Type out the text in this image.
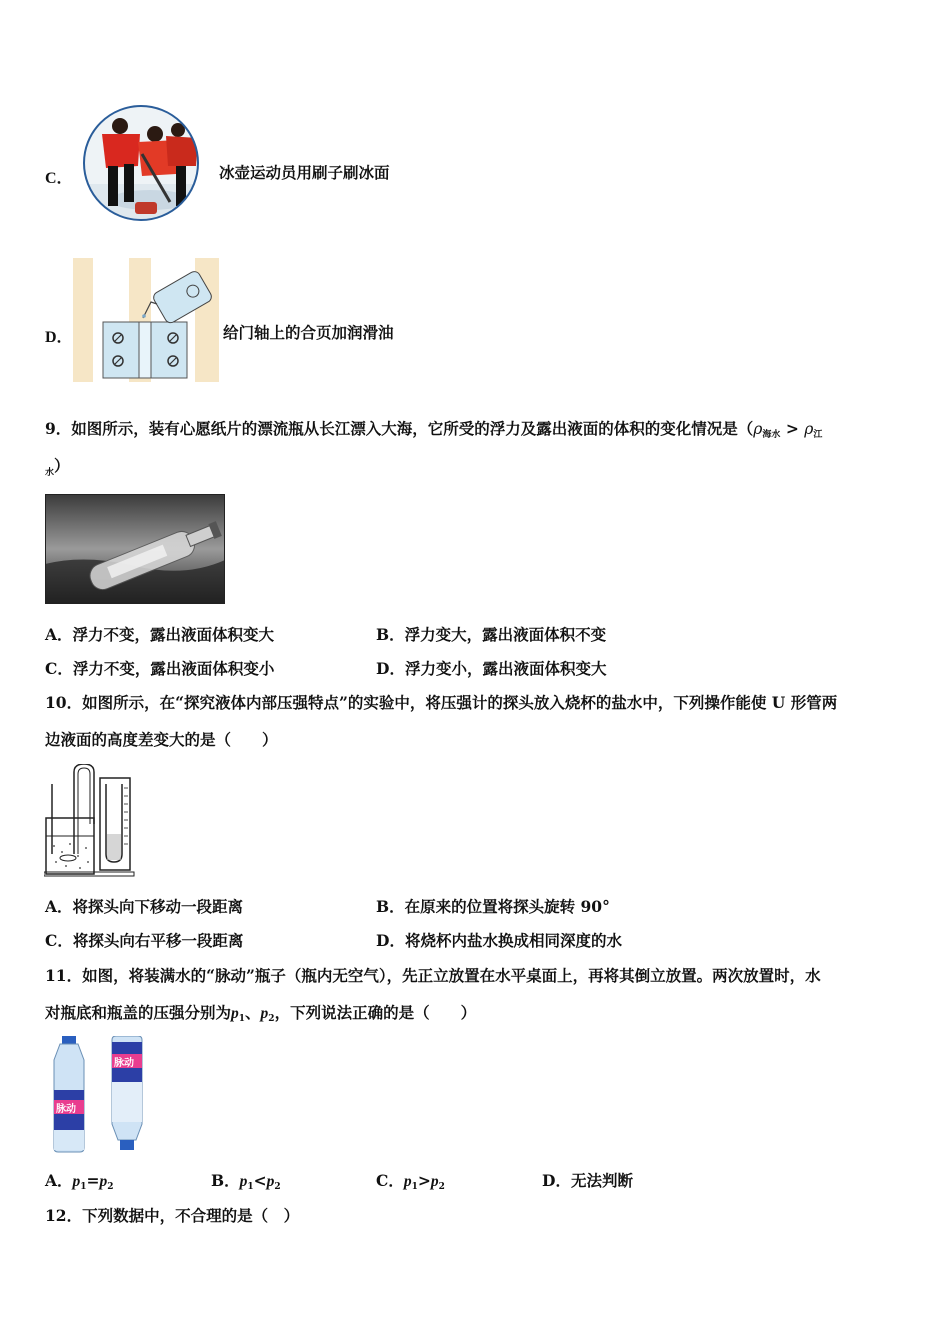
C．	冰壶运动员用刷子刷冰面
D．	给门轴上的合页加润滑油
9．如图所示，装有心愿纸片的漂流瓶从长江漂入大海，它所受的浮力及露出液面的体积的变化情况是（ρ海水 > ρ江
$_水$）
A．浮力不变，露出液面体积变大	B．浮力变大，露出液面体积不变
C．浮力不变，露出液面体积变小	D．浮力变小，露出液面体积变大
10．如图所示，在“探究液体内部压强特点”的实验中，将压强计的探头放入烧杯的盐水中，下列操作能使 U 形管两
边液面的高度差变大的是（　　）
A．将探头向下移动一段距离	B．在原来的位置将探头旋转 90°
C．将探头向右平移一段距离	D．将烧杯内盐水换成相同深度的水
11．如图，将装满水的“脉动”瓶子（瓶内无空气），先正立放置在水平桌面上，再将其倒立放置。两次放置时，水
对瓶底和瓶盖的压强分别为p1、p2，下列说法正确的是（　　）
脉动
脉动
A．p1=p2	B．p1<p2	C．p1>p2	D．无法判断
12．下列数据中，不合理的是（　）
